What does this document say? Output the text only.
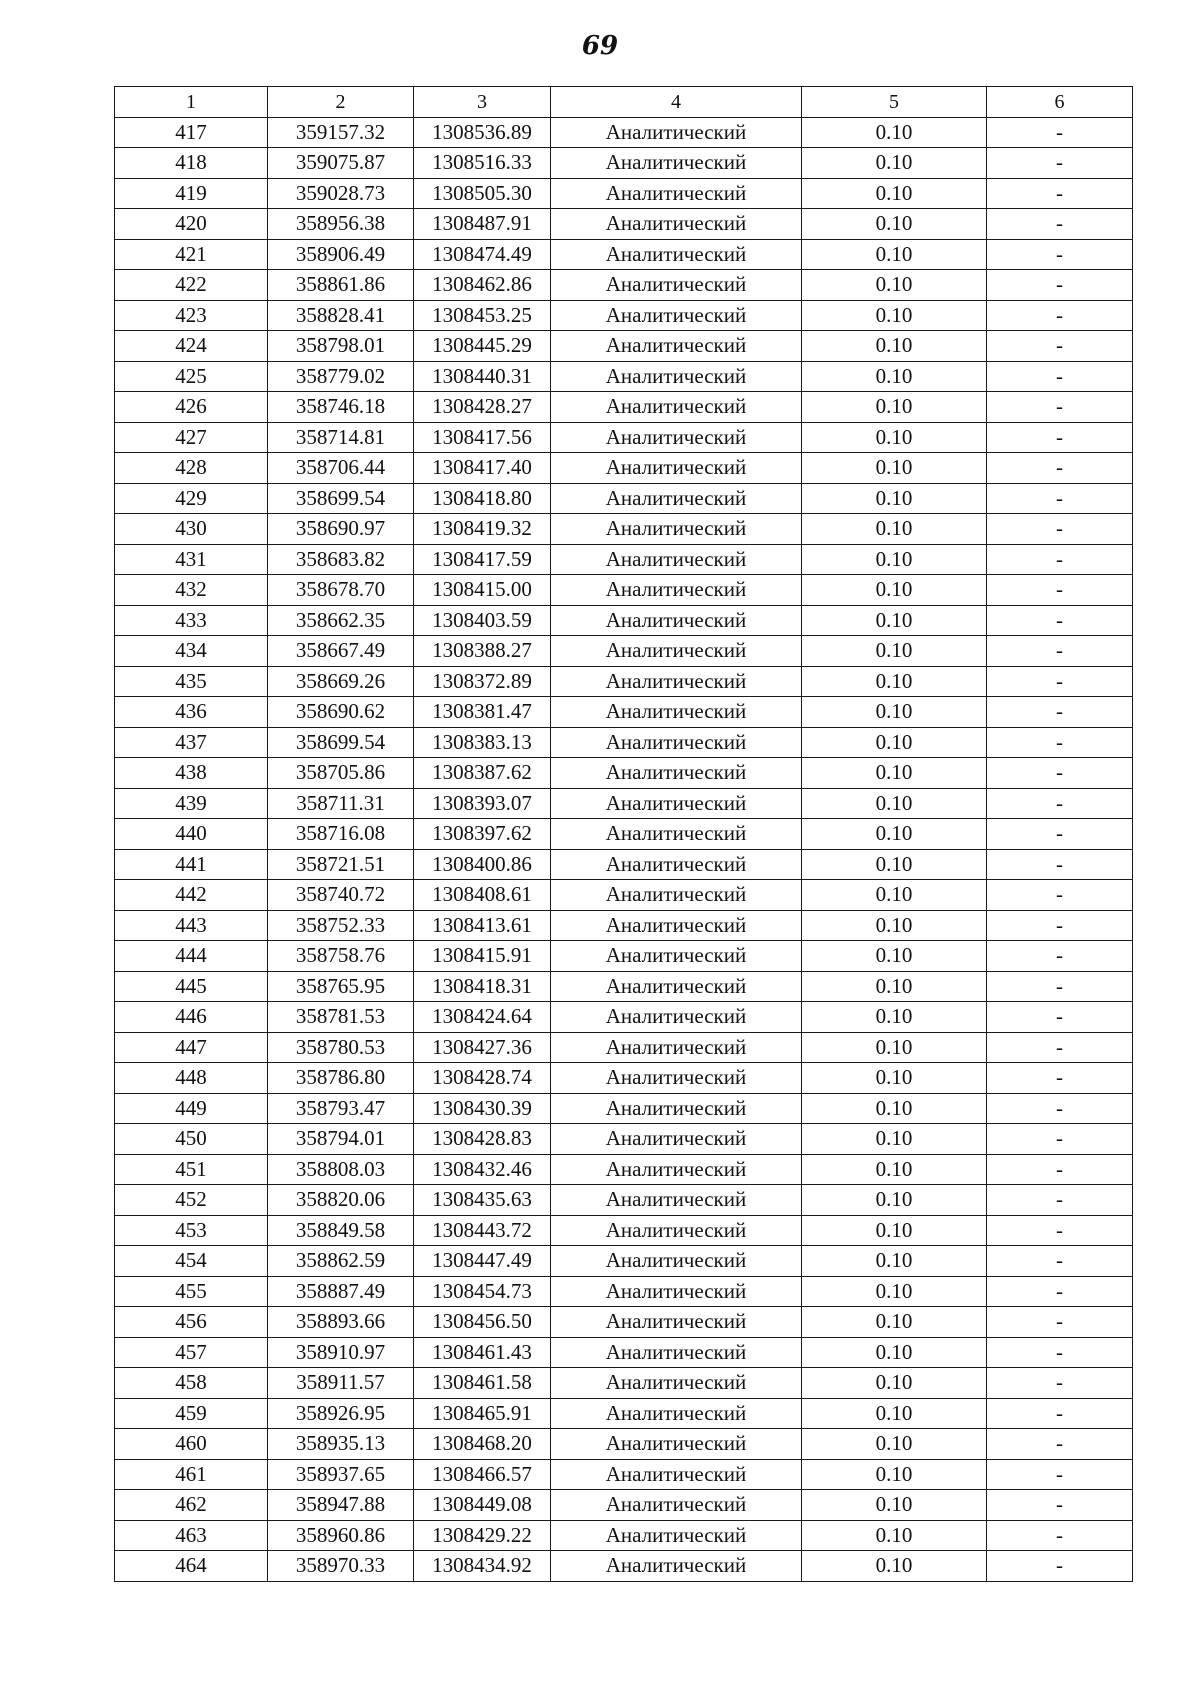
69
1	2	3	4	5	6
417	359157.32	1308536.89	Аналитический	0.10	-
418	359075.87	1308516.33	Аналитический	0.10	-
419	359028.73	1308505.30	Аналитический	0.10	-
420	358956.38	1308487.91	Аналитический	0.10	-
421	358906.49	1308474.49	Аналитический	0.10	-
422	358861.86	1308462.86	Аналитический	0.10	-
423	358828.41	1308453.25	Аналитический	0.10	-
424	358798.01	1308445.29	Аналитический	0.10	-
425	358779.02	1308440.31	Аналитический	0.10	-
426	358746.18	1308428.27	Аналитический	0.10	-
427	358714.81	1308417.56	Аналитический	0.10	-
428	358706.44	1308417.40	Аналитический	0.10	-
429	358699.54	1308418.80	Аналитический	0.10	-
430	358690.97	1308419.32	Аналитический	0.10	-
431	358683.82	1308417.59	Аналитический	0.10	-
432	358678.70	1308415.00	Аналитический	0.10	-
433	358662.35	1308403.59	Аналитический	0.10	-
434	358667.49	1308388.27	Аналитический	0.10	-
435	358669.26	1308372.89	Аналитический	0.10	-
436	358690.62	1308381.47	Аналитический	0.10	-
437	358699.54	1308383.13	Аналитический	0.10	-
438	358705.86	1308387.62	Аналитический	0.10	-
439	358711.31	1308393.07	Аналитический	0.10	-
440	358716.08	1308397.62	Аналитический	0.10	-
441	358721.51	1308400.86	Аналитический	0.10	-
442	358740.72	1308408.61	Аналитический	0.10	-
443	358752.33	1308413.61	Аналитический	0.10	-
444	358758.76	1308415.91	Аналитический	0.10	-
445	358765.95	1308418.31	Аналитический	0.10	-
446	358781.53	1308424.64	Аналитический	0.10	-
447	358780.53	1308427.36	Аналитический	0.10	-
448	358786.80	1308428.74	Аналитический	0.10	-
449	358793.47	1308430.39	Аналитический	0.10	-
450	358794.01	1308428.83	Аналитический	0.10	-
451	358808.03	1308432.46	Аналитический	0.10	-
452	358820.06	1308435.63	Аналитический	0.10	-
453	358849.58	1308443.72	Аналитический	0.10	-
454	358862.59	1308447.49	Аналитический	0.10	-
455	358887.49	1308454.73	Аналитический	0.10	-
456	358893.66	1308456.50	Аналитический	0.10	-
457	358910.97	1308461.43	Аналитический	0.10	-
458	358911.57	1308461.58	Аналитический	0.10	-
459	358926.95	1308465.91	Аналитический	0.10	-
460	358935.13	1308468.20	Аналитический	0.10	-
461	358937.65	1308466.57	Аналитический	0.10	-
462	358947.88	1308449.08	Аналитический	0.10	-
463	358960.86	1308429.22	Аналитический	0.10	-
464	358970.33	1308434.92	Аналитический	0.10	-
